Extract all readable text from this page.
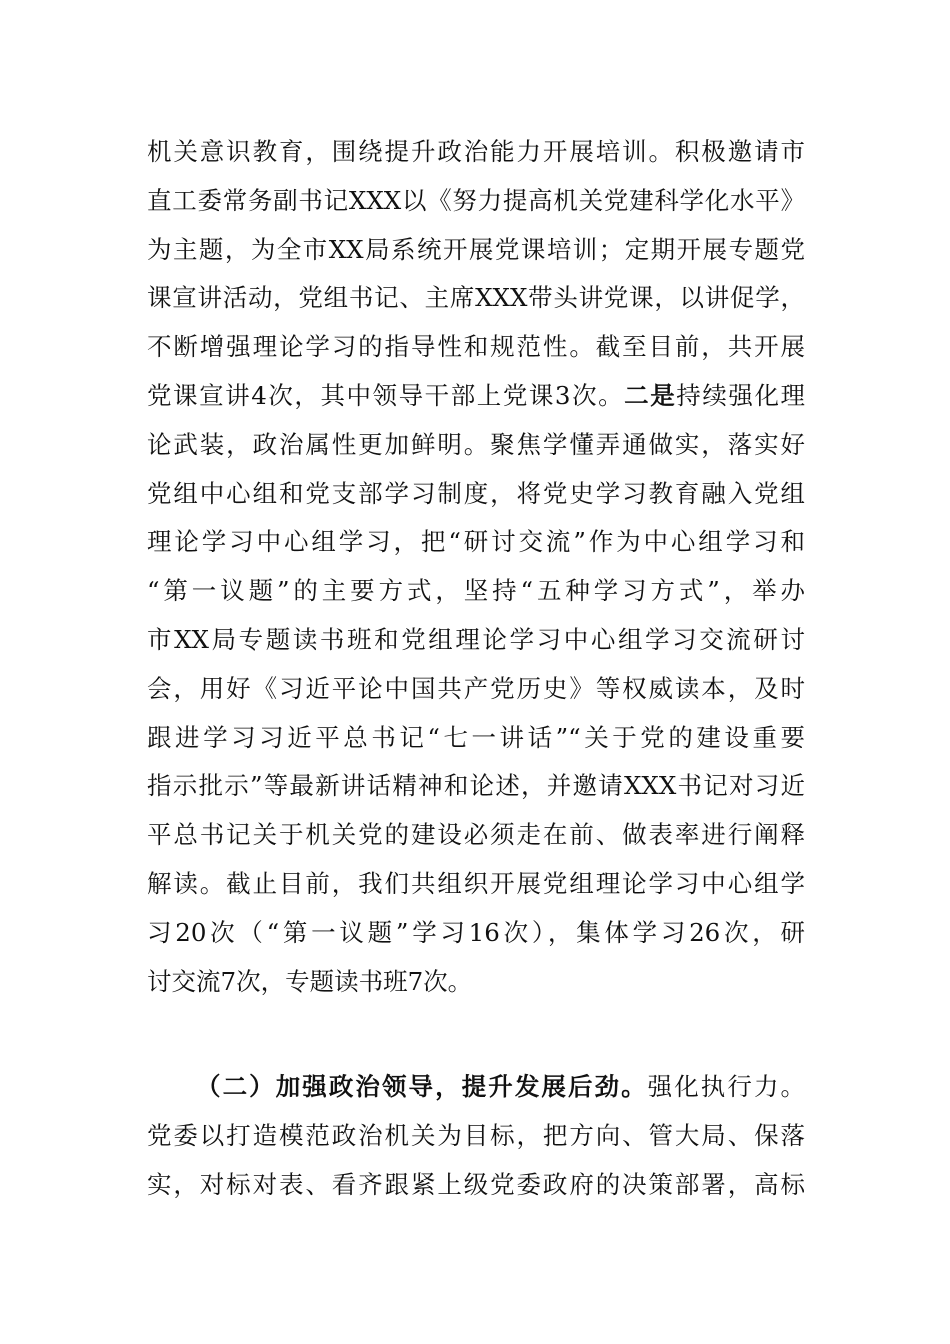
机关意识教育，围绕提升政治能力开展培训。积极邀请市
直工委常务副书记XXX以《努力提高机关党建科学化水平》
为主题，为全市XX局系统开展党课培训；定期开展专题党
课宣讲活动，党组书记、主席XXX带头讲党课，以讲促学，
不断增强理论学习的指导性和规范性。截至目前，共开展
党课宣讲4次，其中领导干部上党课3次。二是持续强化理
论武装，政治属性更加鲜明。聚焦学懂弄通做实，落实好
党组中心组和党支部学习制度，将党史学习教育融入党组
理论学习中心组学习，把“研讨交流”作为中心组学习和
“第一议题”的主要方式，坚持“五种学习方式”，举办
市XX局专题读书班和党组理论学习中心组学习交流研讨
会，用好《习近平论中国共产党历史》等权威读本，及时
跟进学习习近平总书记“七一讲话”“关于党的建设重要
指示批示”等最新讲话精神和论述，并邀请XXX书记对习近
平总书记关于机关党的建设必须走在前、做表率进行阐释
解读。截止目前，我们共组织开展党组理论学习中心组学
习20次（“第一议题”学习16次），集体学习26次，研
讨交流7次，专题读书班7次。
（二）加强政治领导，提升发展后劲。强化执行力。
党委以打造模范政治机关为目标，把方向、管大局、保落
实，对标对表、看齐跟紧上级党委政府的决策部署，高标
